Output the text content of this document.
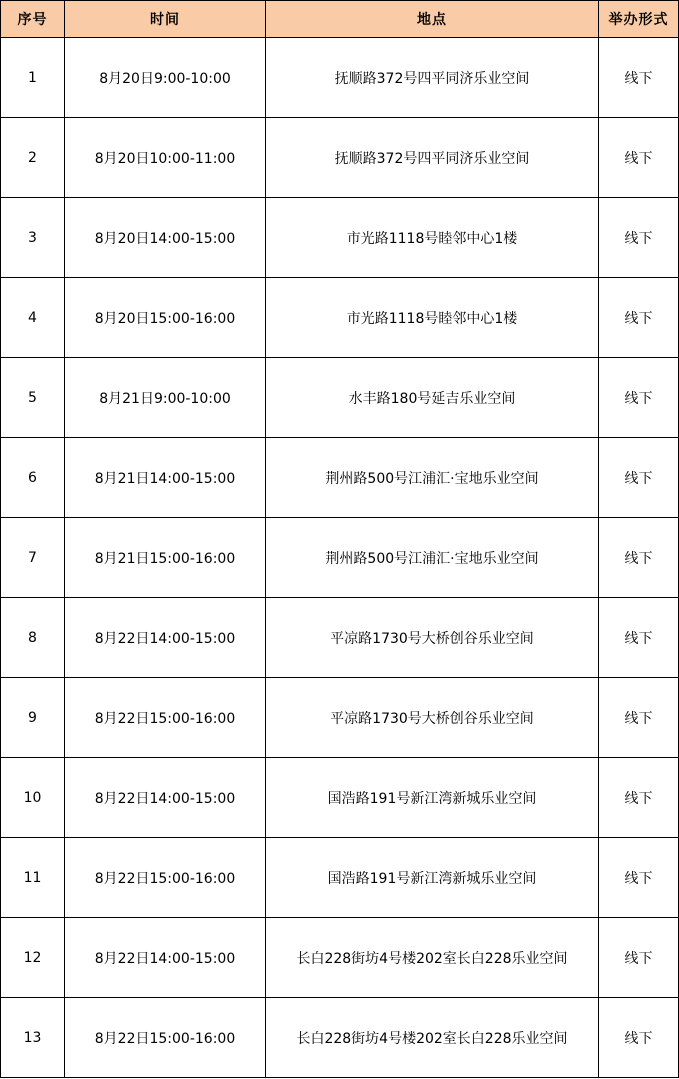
序号	时间	地点	举办形式
1	8月20日9:00-10:00	抚顺路372号四平同济乐业空间	线下
2	8月20日10:00-11:00	抚顺路372号四平同济乐业空间	线下
3	8月20日14:00-15:00	市光路1118号睦邻中心1楼	线下
4	8月20日15:00-16:00	市光路1118号睦邻中心1楼	线下
5	8月21日9:00-10:00	水丰路180号延吉乐业空间	线下
6	8月21日14:00-15:00	荆州路500号江浦汇·宝地乐业空间	线下
7	8月21日15:00-16:00	荆州路500号江浦汇·宝地乐业空间	线下
8	8月22日14:00-15:00	平凉路1730号大桥创谷乐业空间	线下
9	8月22日15:00-16:00	平凉路1730号大桥创谷乐业空间	线下
10	8月22日14:00-15:00	国浩路191号新江湾新城乐业空间	线下
11	8月22日15:00-16:00	国浩路191号新江湾新城乐业空间	线下
12	8月22日14:00-15:00	长白228街坊4号楼202室长白228乐业空间	线下
13	8月22日15:00-16:00	长白228街坊4号楼202室长白228乐业空间	线下
